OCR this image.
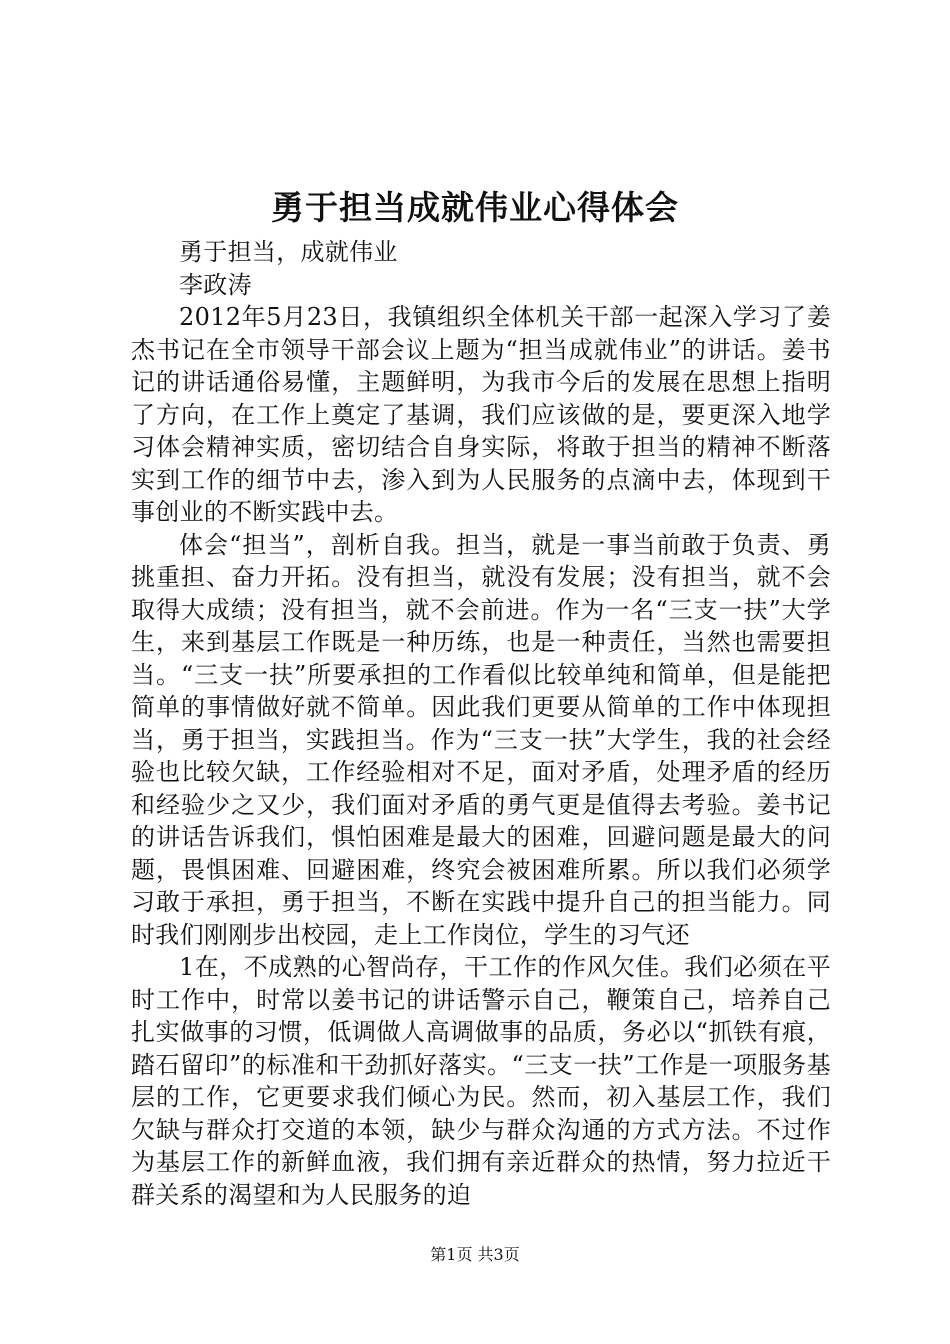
勇于担当成就伟业心得体会

勇于担当，成就伟业

李政涛

2012年5月23日，我镇组织全体机关干部一起深入学习了姜杰书记在全市领导干部会议上题为“担当成就伟业”的讲话。姜书记的讲话通俗易懂，主题鲜明，为我市今后的发展在思想上指明了方向，在工作上奠定了基调，我们应该做的是，要更深入地学习体会精神实质，密切结合自身实际，将敢于担当的精神不断落实到工作的细节中去，渗入到为人民服务的点滴中去，体现到干事创业的不断实践中去。

体会“担当”，剖析自我。担当，就是一事当前敢于负责、勇挑重担、奋力开拓。没有担当，就没有发展；没有担当，就不会取得大成绩；没有担当，就不会前进。作为一名“三支一扶”大学生，来到基层工作既是一种历练，也是一种责任，当然也需要担当。“三支一扶”所要承担的工作看似比较单纯和简单，但是能把简单的事情做好就不简单。因此我们更要从简单的工作中体现担当，勇于担当，实践担当。作为“三支一扶”大学生，我的社会经验也比较欠缺，工作经验相对不足，面对矛盾，处理矛盾的经历和经验少之又少，我们面对矛盾的勇气更是值得去考验。姜书记的讲话告诉我们，惧怕困难是最大的困难，回避问题是最大的问题，畏惧困难、回避困难，终究会被困难所累。所以我们必须学习敢于承担，勇于担当，不断在实践中提升自己的担当能力。同时我们刚刚步出校园，走上工作岗位，学生的习气还

1在，不成熟的心智尚存，干工作的作风欠佳。我们必须在平时工作中，时常以姜书记的讲话警示自己，鞭策自己，培养自己扎实做事的习惯，低调做人高调做事的品质，务必以“抓铁有痕，踏石留印”的标准和干劲抓好落实。“三支一扶”工作是一项服务基层的工作，它更要求我们倾心为民。然而，初入基层工作，我们欠缺与群众打交道的本领，缺少与群众沟通的方式方法。不过作为基层工作的新鲜血液，我们拥有亲近群众的热情，努力拉近干群关系的渴望和为人民服务的迫

第1页 共3页
